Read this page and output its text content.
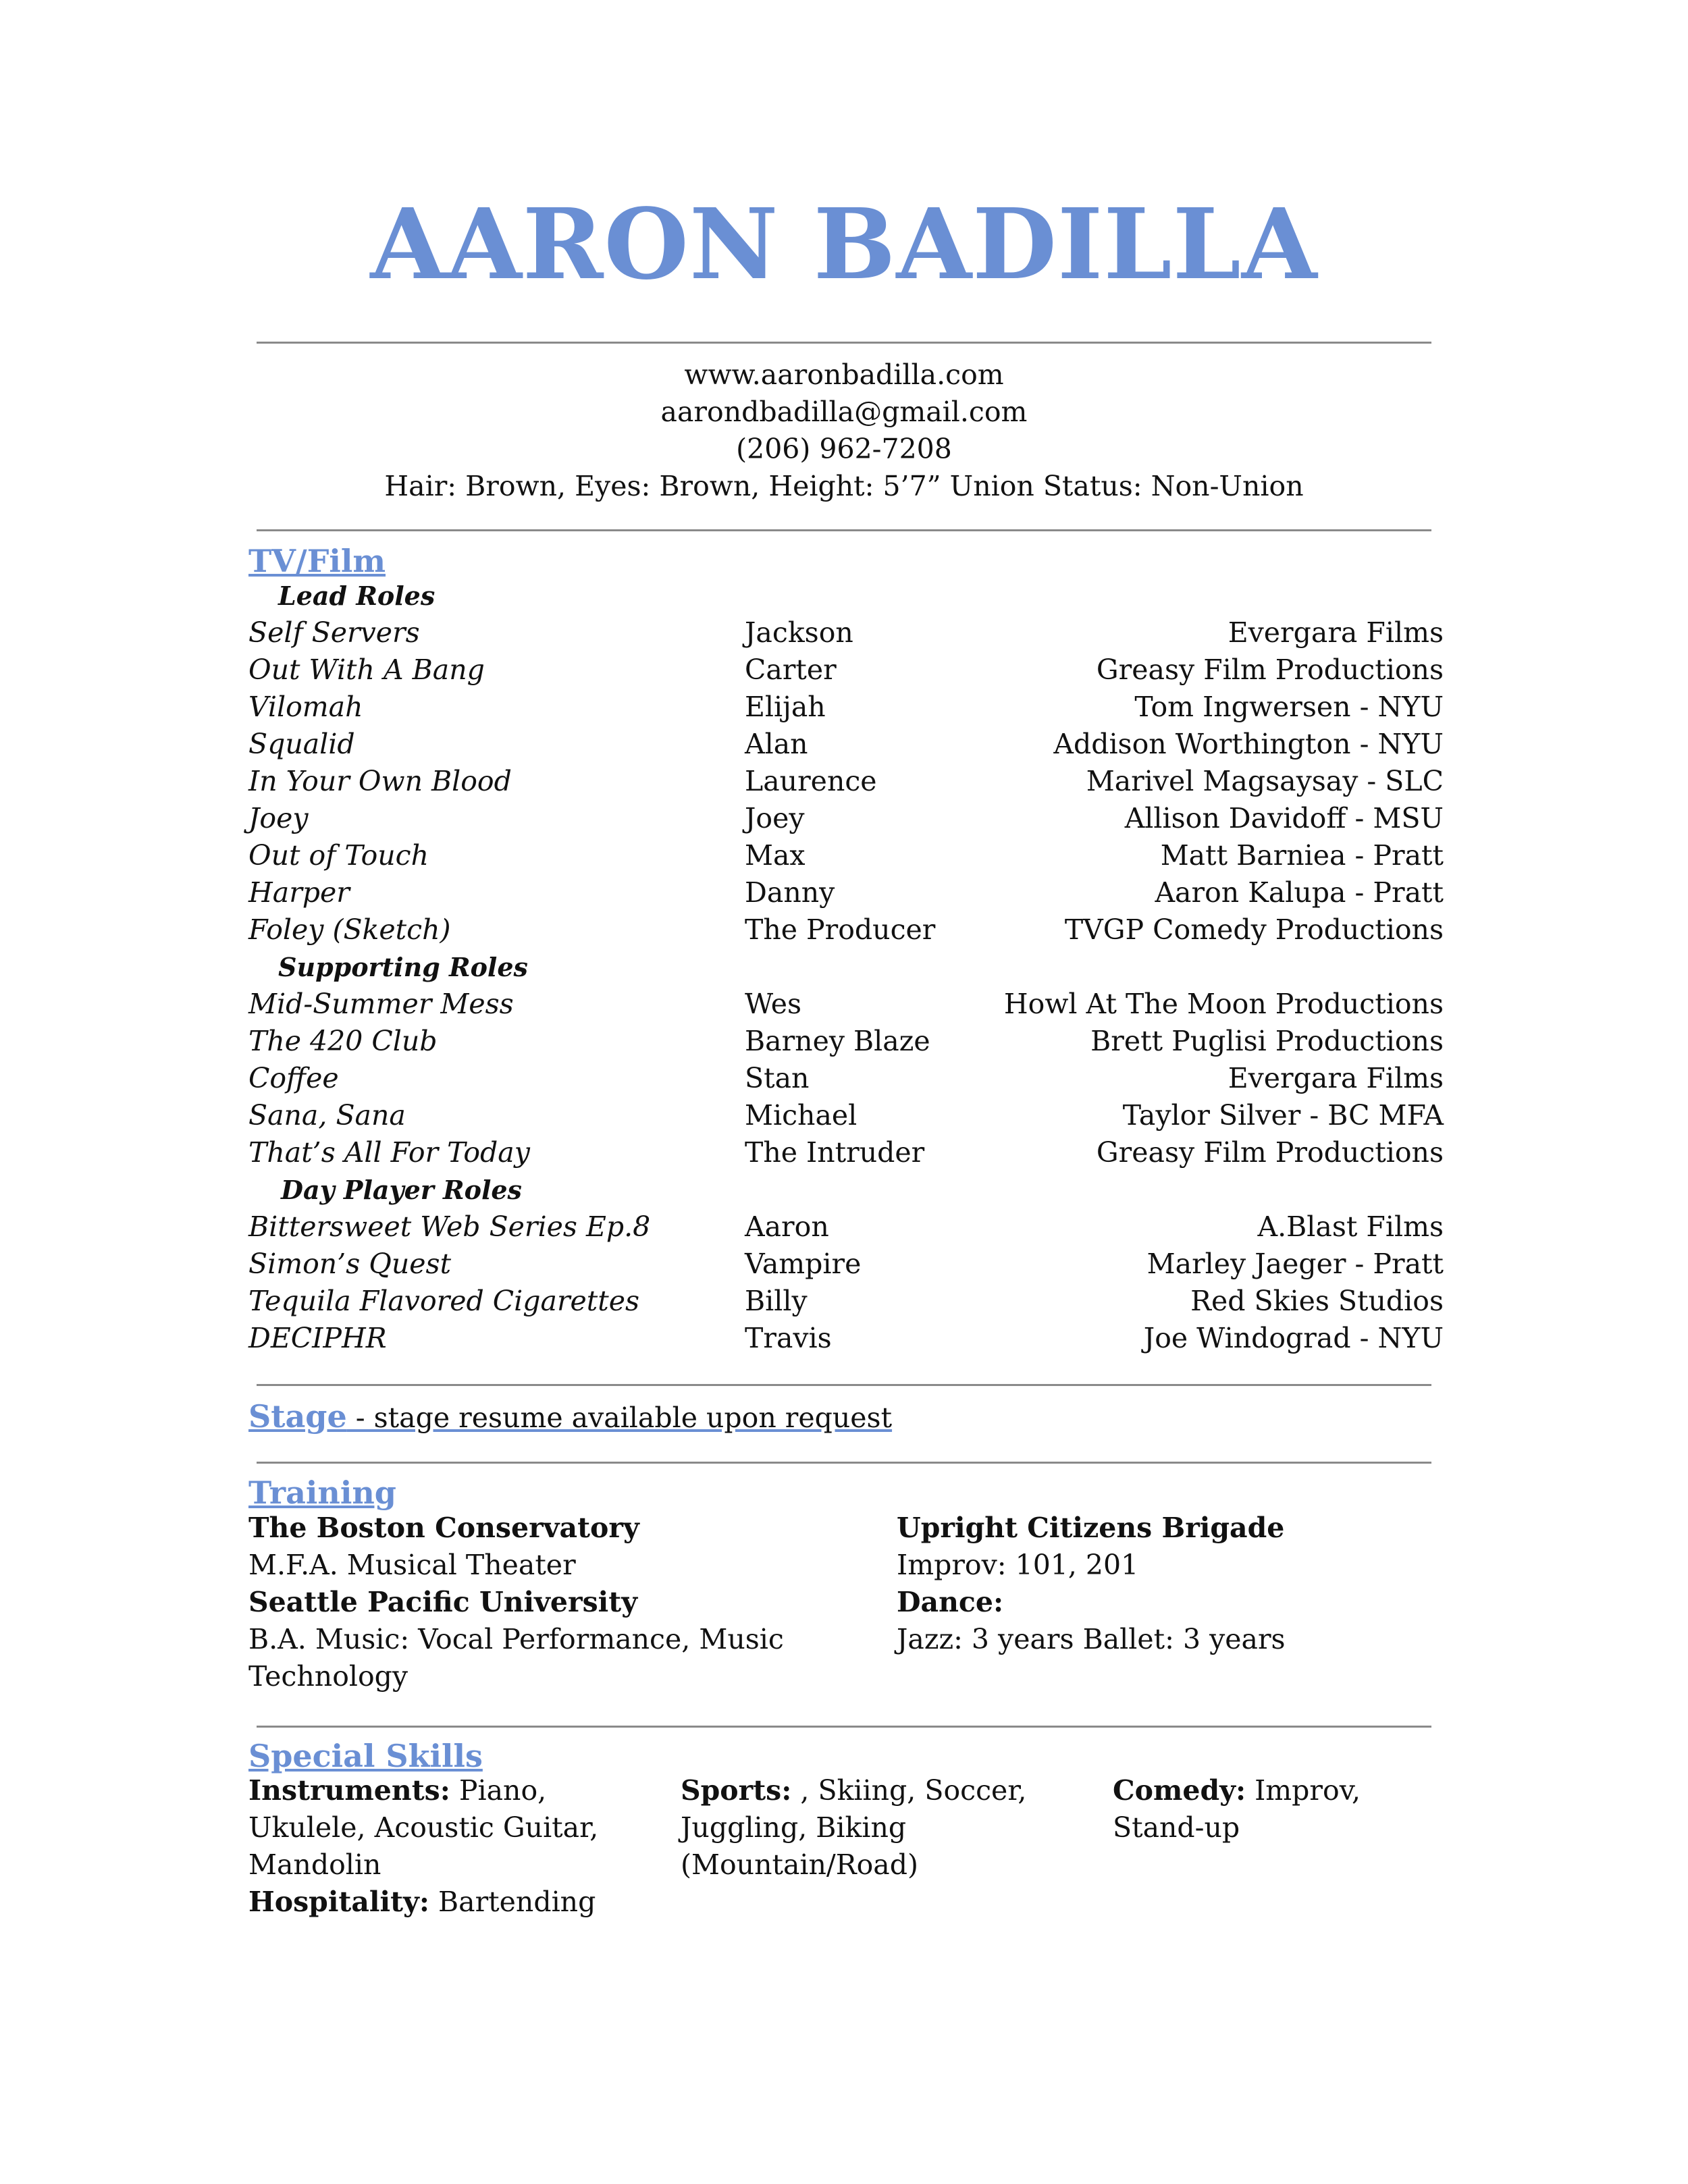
AARON BADILLA
www.aaronbadilla.com
aarondbadilla@gmail.com
(206) 962-7208
Hair: Brown, Eyes: Brown, Height: 5’7” Union Status: Non-Union
TV/Film
Lead Roles
Self Servers	Jackson	Evergara Films
Out With A Bang	Carter	Greasy Film Productions
Vilomah	Elijah	Tom Ingwersen - NYU
Squalid	Alan	Addison Worthington - NYU
In Your Own Blood	Laurence	Marivel Magsaysay - SLC
Joey	Joey	Allison Davidoff - MSU
Out of Touch	Max	Matt Barniea - Pratt
Harper	Danny	Aaron Kalupa - Pratt
Foley (Sketch)	The Producer	TVGP Comedy Productions
Supporting Roles
Mid-Summer Mess	Wes	Howl At The Moon Productions
The 420 Club	Barney Blaze	Brett Puglisi Productions
Coffee	Stan	Evergara Films
Sana, Sana	Michael	Taylor Silver - BC MFA
That’s All For Today	The Intruder	Greasy Film Productions
Day Player Roles
Bittersweet Web Series Ep.8	Aaron	A.Blast Films
Simon’s Quest	Vampire	Marley Jaeger - Pratt
Tequila Flavored Cigarettes	Billy	Red Skies Studios
DECIPHR	Travis	Joe Windograd - NYU
Stage - stage resume available upon request
Training
The Boston Conservatory
M.F.A. Musical Theater
Seattle Pacific University
B.A. Music: Vocal Performance, Music
Technology
Upright Citizens Brigade
Improv: 101, 201
Dance:
Jazz: 3 years Ballet: 3 years
Special Skills
Instruments: Piano,
Ukulele, Acoustic Guitar,
Mandolin
Hospitality: Bartending
Sports: , Skiing, Soccer,
Juggling, Biking
(Mountain/Road)
Comedy: Improv,
Stand-up
